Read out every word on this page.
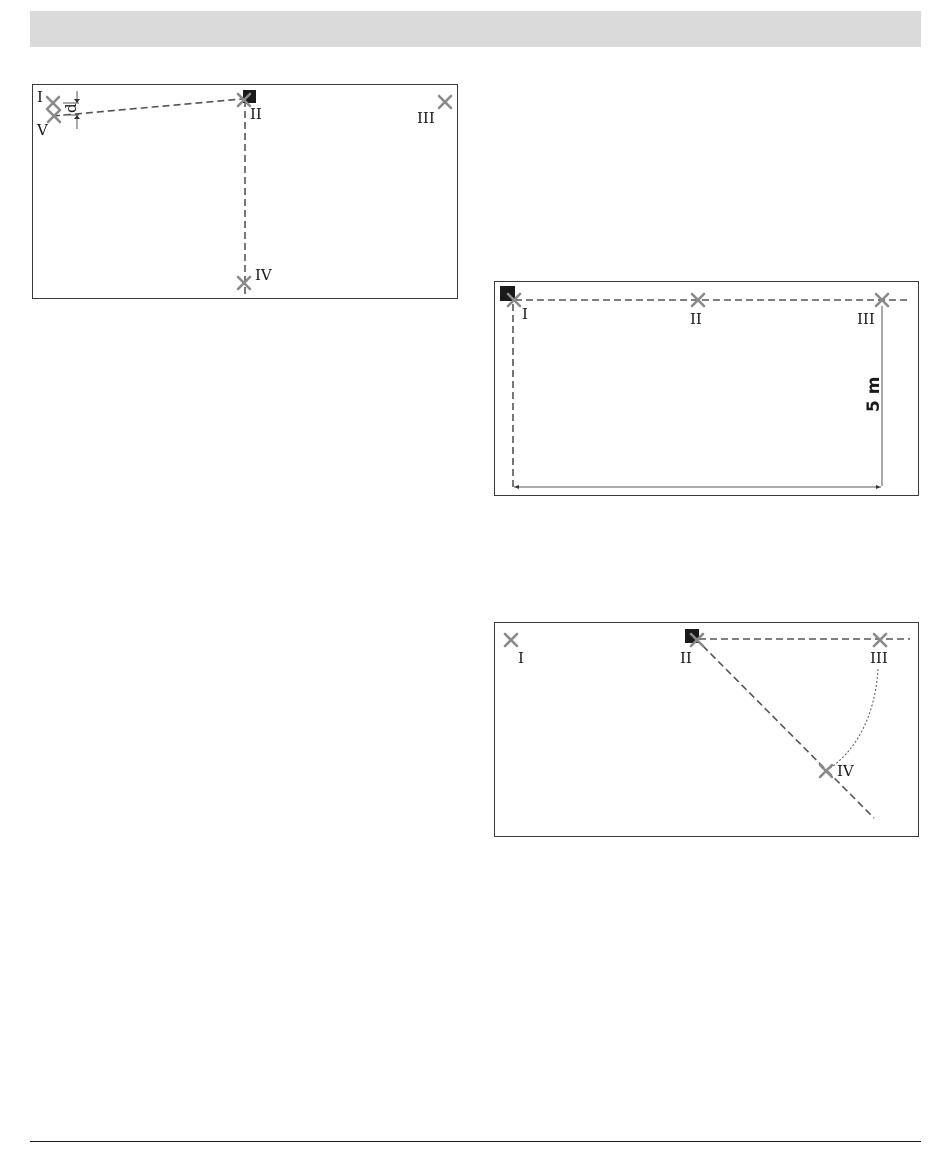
d
I
V
II	III
IV
5 m
I	II	III
I	II	III
IV
